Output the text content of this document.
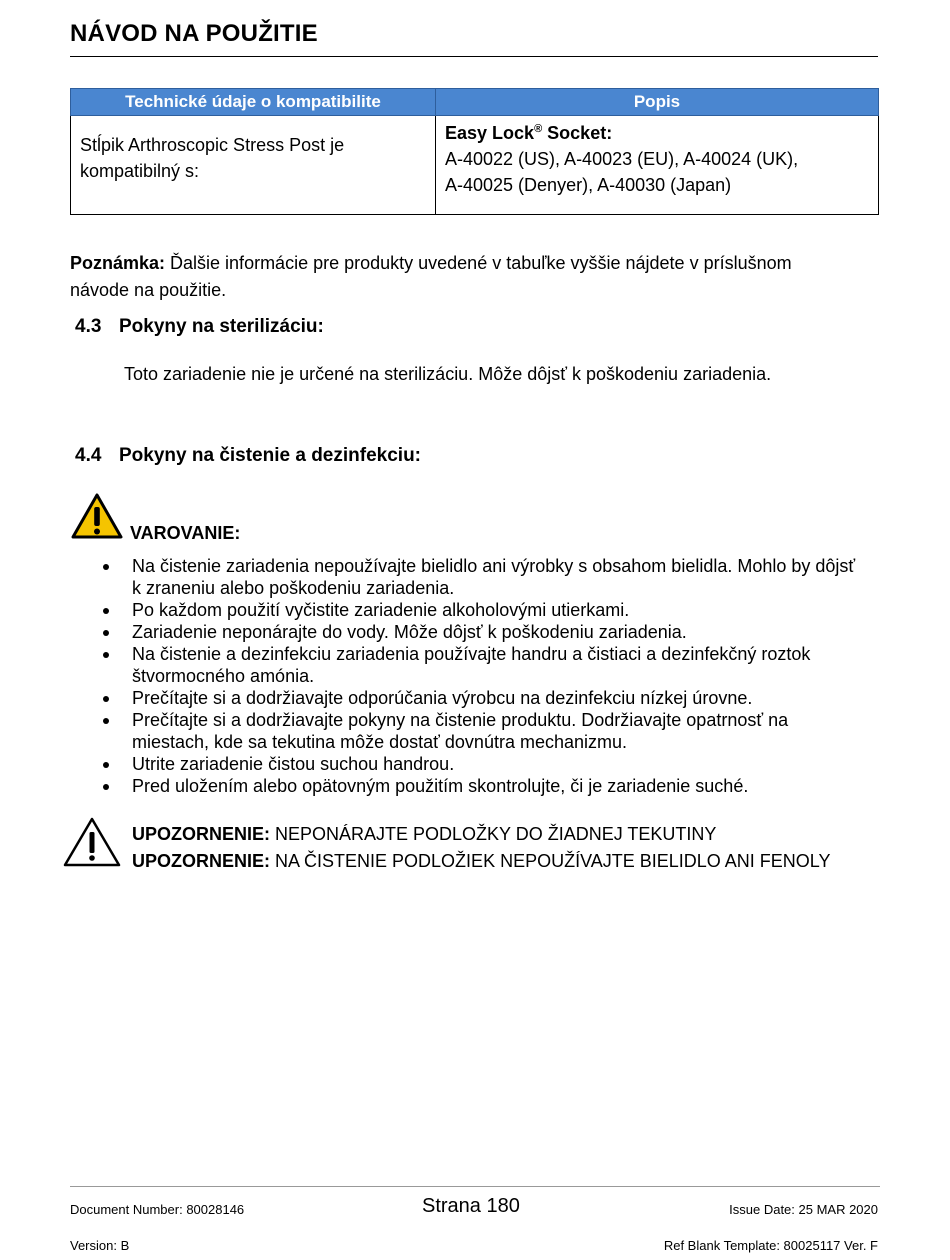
NÁVOD NA POUŽITIE
Technické údaje o kompatibilite	Popis
Stĺpik Arthroscopic Stress Post je kompatibilný s:	Easy Lock® Socket:
A-40022 (US), A-40023 (EU), A-40024 (UK),
A-40025 (Denyer), A-40030 (Japan)
Poznámka: Ďalšie informácie pre produkty uvedené v tabuľke vyššie nájdete v príslušnom návode na použitie.
4.3 Pokyny na sterilizáciu:
Toto zariadenie nie je určené na sterilizáciu. Môže dôjsť k poškodeniu zariadenia.
4.4 Pokyny na čistenie a dezinfekciu:
VAROVANIE:
Na čistenie zariadenia nepoužívajte bielidlo ani výrobky s obsahom bielidla. Mohlo by dôjsť k zraneniu alebo poškodeniu zariadenia.
Po každom použití vyčistite zariadenie alkoholovými utierkami.
Zariadenie neponárajte do vody. Môže dôjsť k poškodeniu zariadenia.
Na čistenie a dezinfekciu zariadenia používajte handru a čistiaci a dezinfekčný roztok štvormocného amónia.
Prečítajte si a dodržiavajte odporúčania výrobcu na dezinfekciu nízkej úrovne.
Prečítajte si a dodržiavajte pokyny na čistenie produktu. Dodržiavajte opatrnosť na miestach, kde sa tekutina môže dostať dovnútra mechanizmu.
Utrite zariadenie čistou suchou handrou.
Pred uložením alebo opätovným použitím skontrolujte, či je zariadenie suché.
UPOZORNENIE: NEPONÁRAJTE PODLOŽKY DO ŽIADNEJ TEKUTINY
UPOZORNENIE: NA ČISTENIE PODLOŽIEK NEPOUŽÍVAJTE BIELIDLO ANI FENOLY
Document Number: 80028146	Strana 180	Issue Date: 25 MAR 2020
Version: B	Ref Blank Template: 80025117 Ver. F
